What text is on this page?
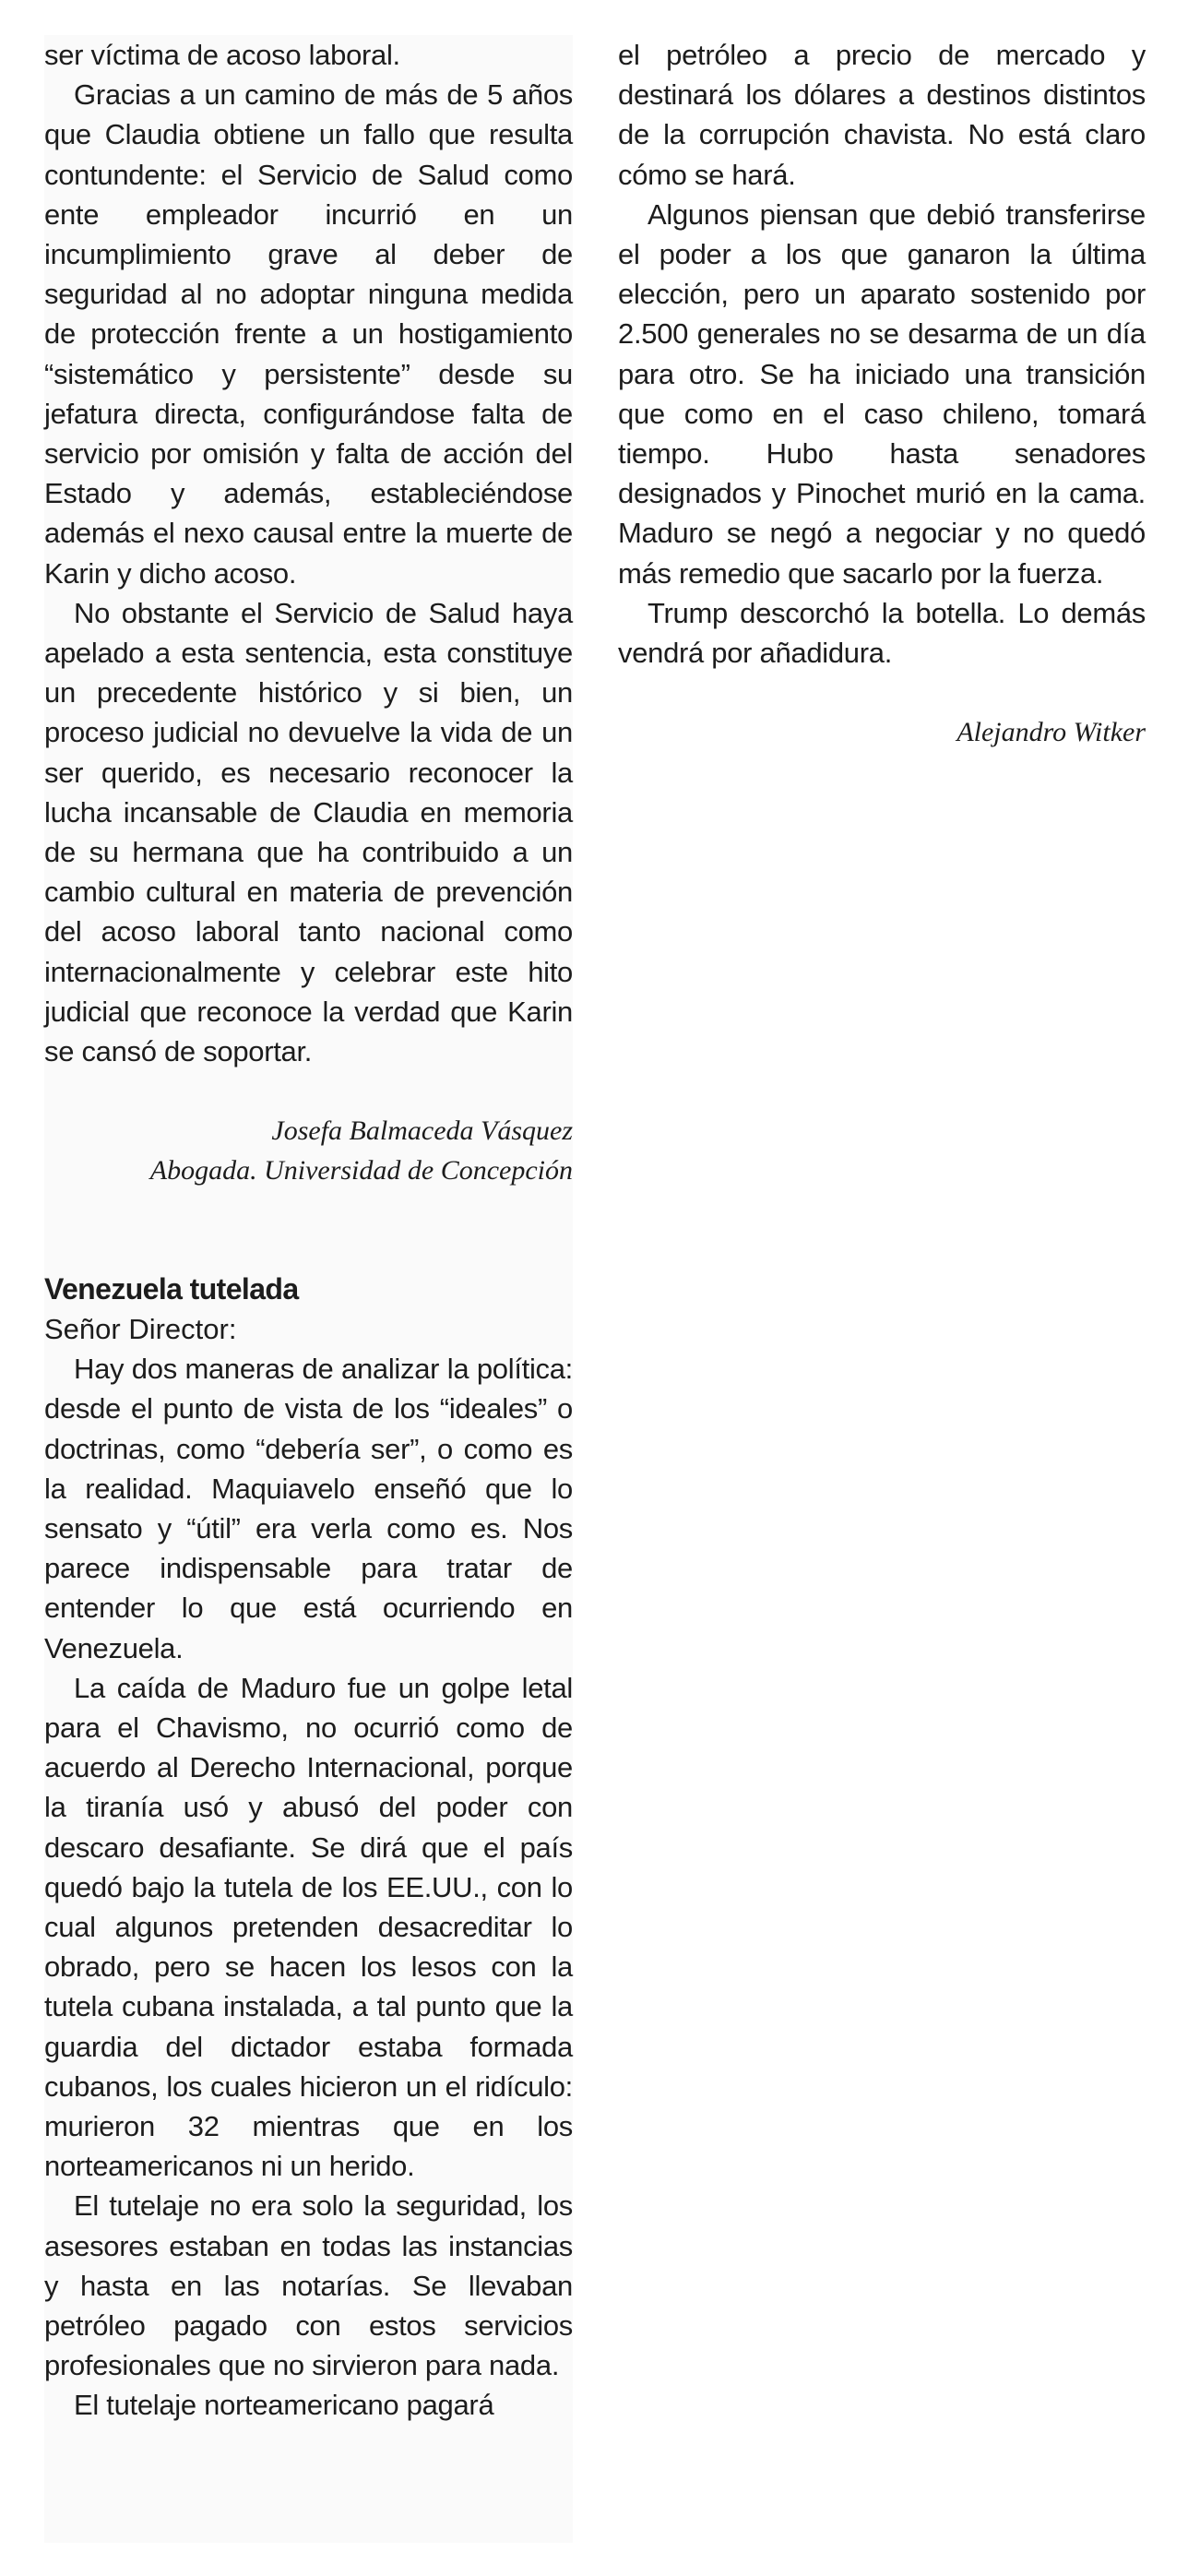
ser víctima de acoso laboral.

Gracias a un camino de más de 5 años que Claudia obtiene un fallo que resulta contundente: el Servicio de Salud como ente empleador incurrió en un incumplimiento grave al deber de seguridad al no adoptar ninguna medida de protección frente a un hostigamiento “sistemático y persistente” desde su jefatura directa, configurándose falta de servicio por omisión y falta de acción del Estado y además, estableciéndose además el nexo causal entre la muerte de Karin y dicho acoso.

No obstante el Servicio de Salud haya apelado a esta sentencia, esta constituye un precedente histórico y si bien, un proceso judicial no devuelve la vida de un ser querido, es necesario reconocer la lucha incansable de Claudia en memoria de su hermana que ha contribuido a un cambio cultural en materia de prevención del acoso laboral tanto nacional como internacionalmente y celebrar este hito judicial que reconoce la verdad que Karin se cansó de soportar.

Josefa Balmaceda Vásquez

Abogada. Universidad de Concepción

Venezuela tutelada

Señor Director:

Hay dos maneras de analizar la política: desde el punto de vista de los “ideales” o doctrinas, como “debería ser”, o como es la realidad. Maquiavelo enseñó que lo sensato y “útil” era verla como es. Nos parece indispensable para tratar de entender lo que está ocurriendo en Venezuela.

La caída de Maduro fue un golpe letal para el Chavismo, no ocurrió como de acuerdo al Derecho Internacional, porque la tiranía usó y abusó del poder con descaro desafiante. Se dirá que el país quedó bajo la tutela de los EE.UU., con lo cual algunos pretenden desacreditar lo obrado, pero se hacen los lesos con la tutela cubana instalada, a tal punto que la guardia del dictador estaba formada cubanos, los cuales hicieron un el ridículo: murieron 32 mientras que en los norteamericanos ni un herido.

El tutelaje no era solo la seguridad, los asesores estaban en todas las instancias y hasta en las notarías. Se llevaban petróleo pagado con estos servicios profesionales que no sirvieron para nada.

El tutelaje norteamericano pagará

el petróleo a precio de mercado y destinará los dólares a destinos distintos de la corrupción chavista. No está claro cómo se hará.

Algunos piensan que debió transferirse el poder a los que ganaron la última elección, pero un aparato sostenido por 2.500 generales no se desarma de un día para otro. Se ha iniciado una transición que como en el caso chileno, tomará tiempo. Hubo hasta senadores designados y Pinochet murió en la cama. Maduro se negó a negociar y no quedó más remedio que sacarlo por la fuerza.

Trump descorchó la botella. Lo demás vendrá por añadidura.

Alejandro Witker
